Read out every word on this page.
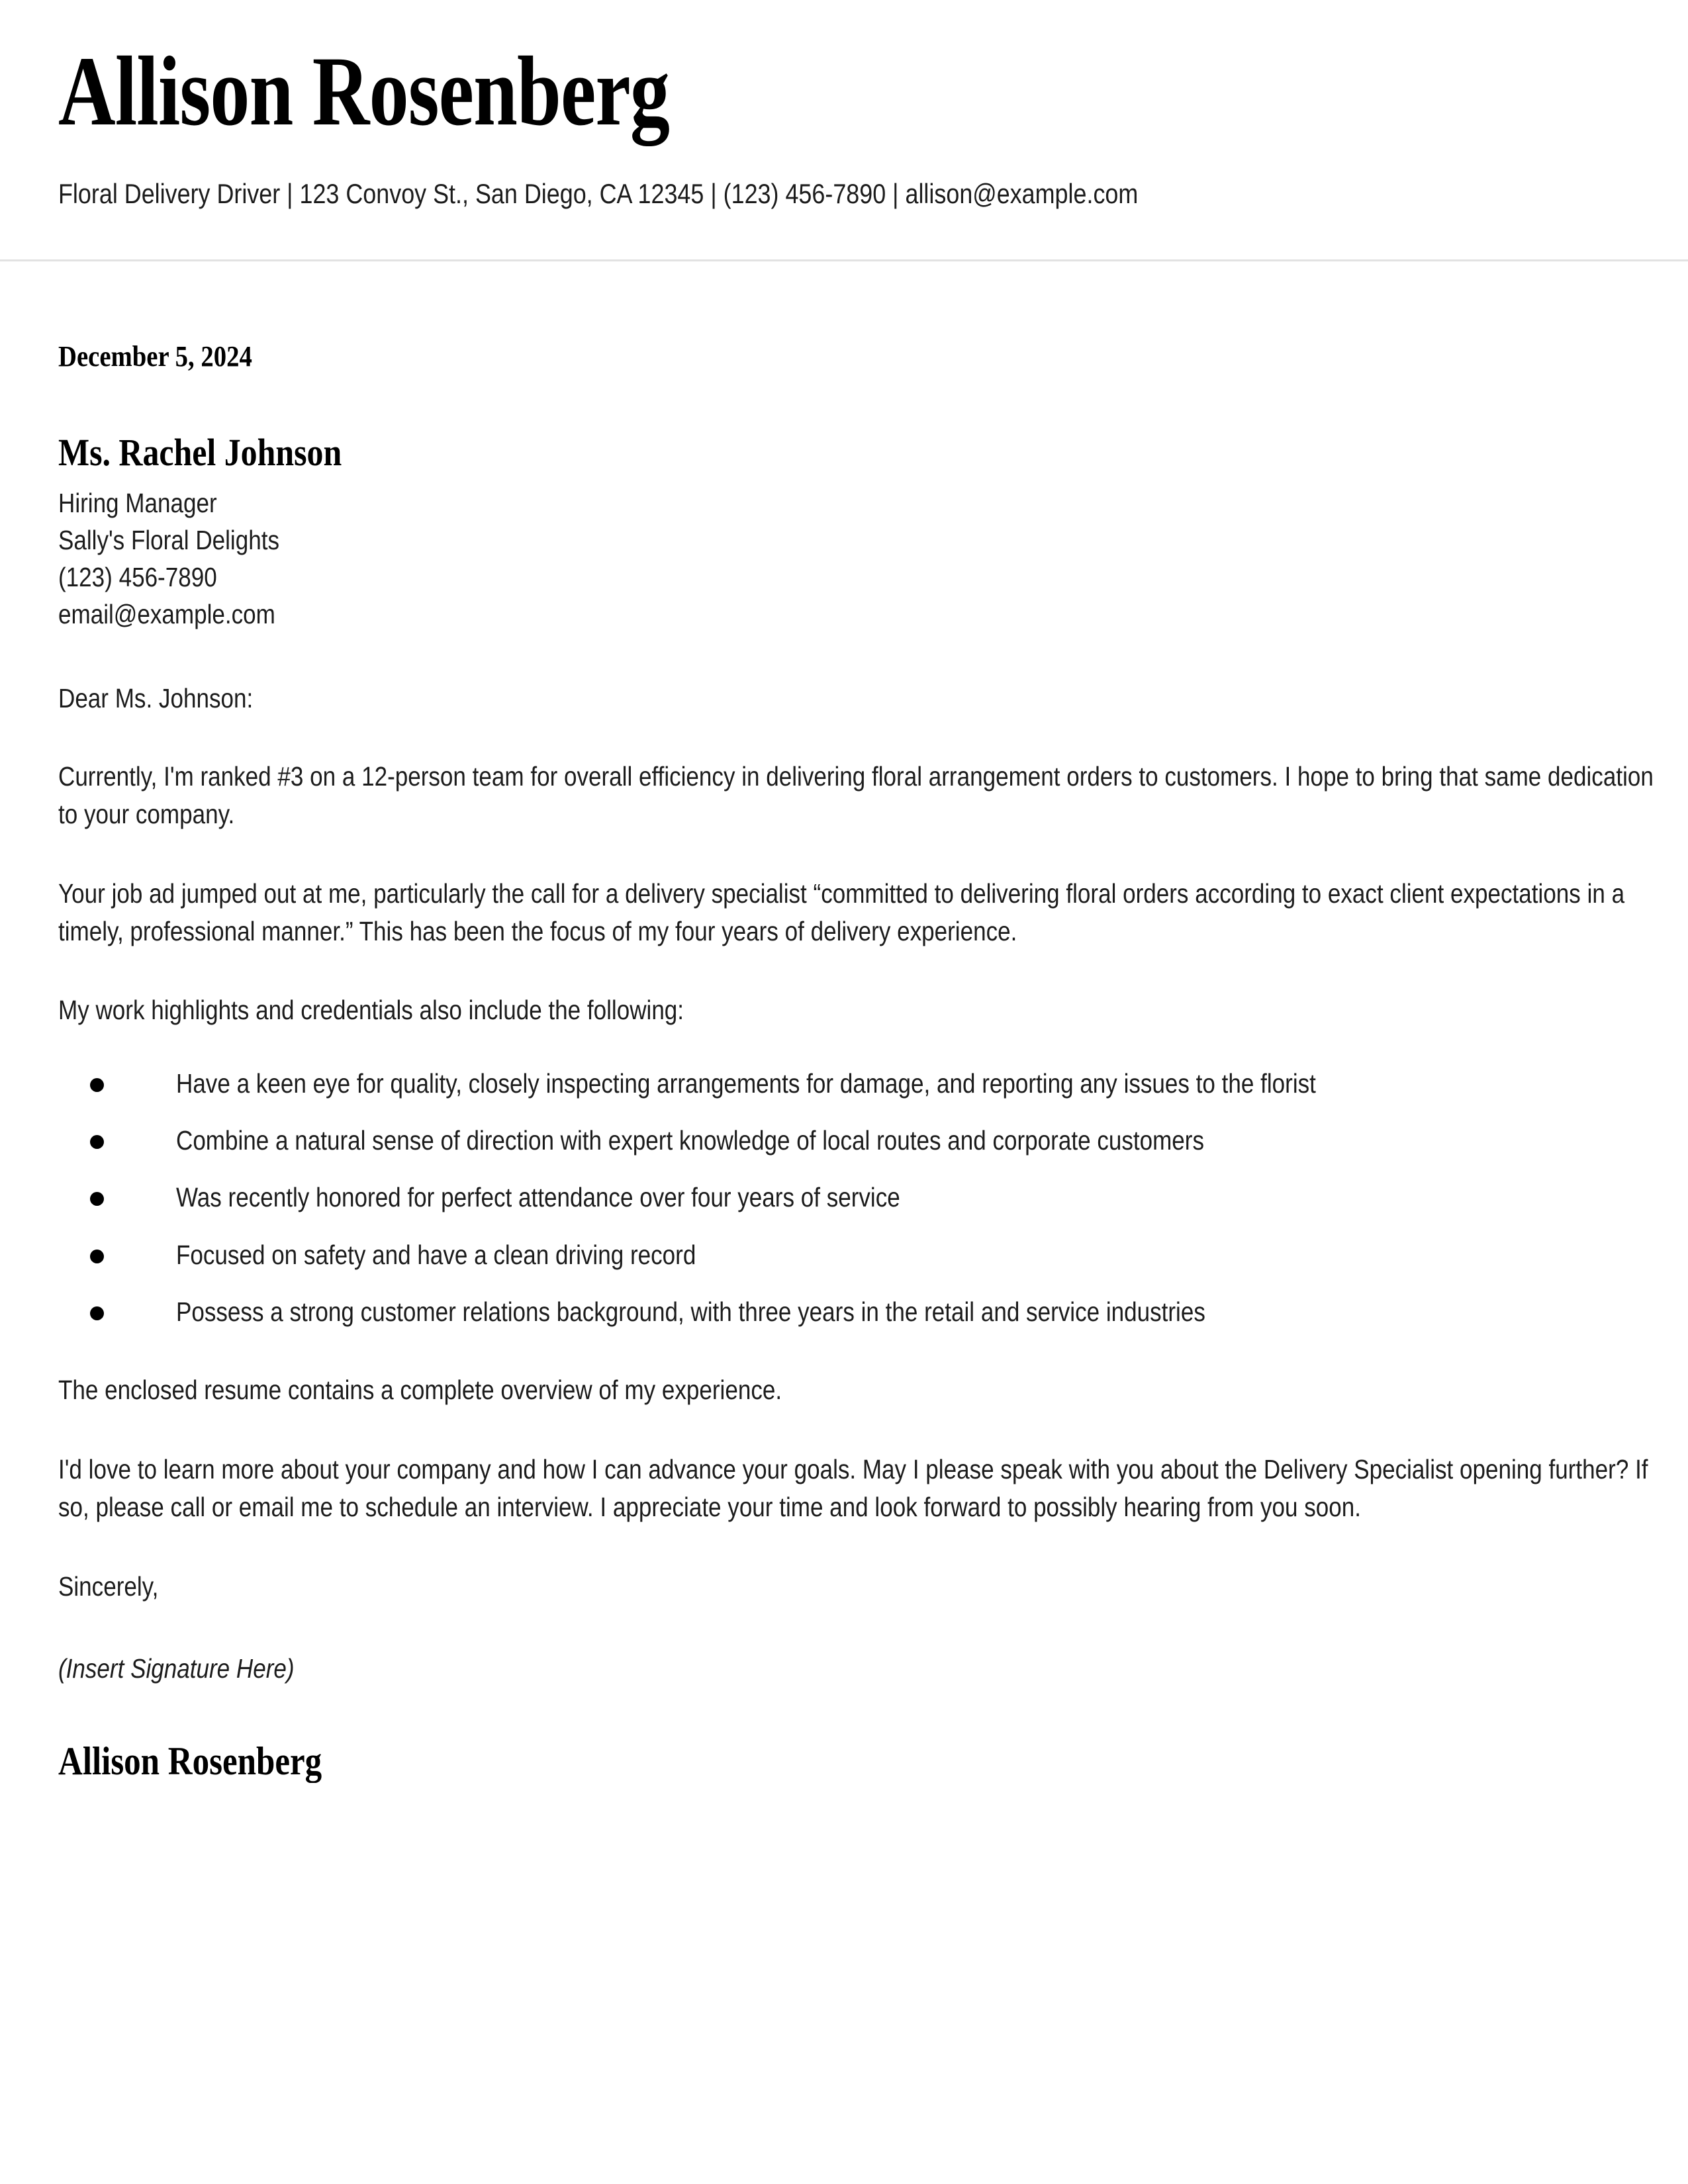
Allison Rosenberg
Floral Delivery Driver | 123 Convoy St., San Diego, CA 12345 | (123) 456-7890 | allison@example.com
December 5, 2024
Ms. Rachel Johnson
Hiring Manager
Sally's Floral Delights
(123) 456-7890
email@example.com
Dear Ms. Johnson:

Currently, I'm ranked #3 on a 12-person team for overall efficiency in delivering floral arrangement orders to customers. I hope to bring that same dedication to your company.

Your job ad jumped out at me, particularly the call for a delivery specialist “committed to delivering floral orders according to exact client expectations in a timely, professional manner.” This has been the focus of my four years of delivery experience.

My work highlights and credentials also include the following:
Have a keen eye for quality, closely inspecting arrangements for damage, and reporting any issues to the florist
Combine a natural sense of direction with expert knowledge of local routes and corporate customers
Was recently honored for perfect attendance over four years of service
Focused on safety and have a clean driving record
Possess a strong customer relations background, with three years in the retail and service industries

The enclosed resume contains a complete overview of my experience.

I'd love to learn more about your company and how I can advance your goals. May I please speak with you about the Delivery Specialist opening further? If so, please call or email me to schedule an interview. I appreciate your time and look forward to possibly hearing from you soon.

Sincerely,
(Insert Signature Here)
Allison Rosenberg
